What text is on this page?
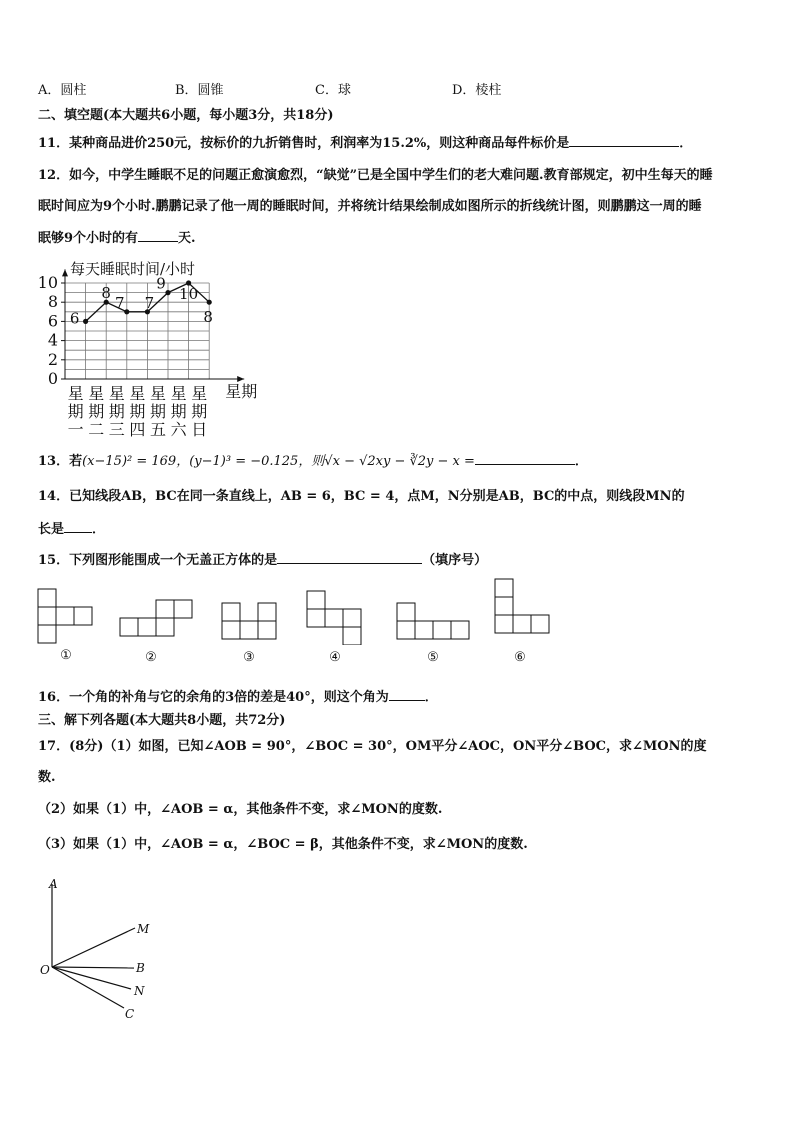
A．圆柱	B．圆锥	C．球	D．棱柱
二、填空题(本大题共6小题，每小题3分，共18分)
11．某种商品进价250元，按标价的九折销售时，利润率为15.2%，则这种商品每件标价是	．
12．如今，中学生睡眠不足的问题正愈演愈烈，“缺觉”已是全国中学生们的老大难问题.教育部规定，初中生每天的睡
眠时间应为9个小时.鹏鹏记录了他一周的睡眠时间，并将统计结果绘制成如图所示的折线统计图，则鹏鹏这一周的睡
眠够9个小时的有	天.
每天睡眠时间/小时
0
2
4
6
8
10
6
8
7 7
9
10
8
星
期
一
星
期
二
星
期
三
星
期
四
星
期
五
星
期
六
星
期
日
星期
13．若(x−15)² = 169，(y−1)³ = −0.125，则√x − √2xy − ∛2y − x =	．
14．已知线段AB，BC在同一条直线上，AB = 6，BC = 4，点M，N分别是AB，BC的中点，则线段MN的
长是 ．
15．下列图形能围成一个无盖正方体的是	（填序号）
①	②	③	④	⑤	⑥
16．一个角的补角与它的余角的3倍的差是40°，则这个角为	．
三、解下列各题(本大题共8小题，共72分)
17．(8分)（1）如图，已知∠AOB = 90°，∠BOC = 30°，OM平分∠AOC，ON平分∠BOC，求∠MON的度
数.
（2）如果（1）中，∠AOB = α，其他条件不变，求∠MON的度数.
（3）如果（1）中，∠AOB = α，∠BOC = β，其他条件不变，求∠MON的度数.
A
M
O	B
N
C
